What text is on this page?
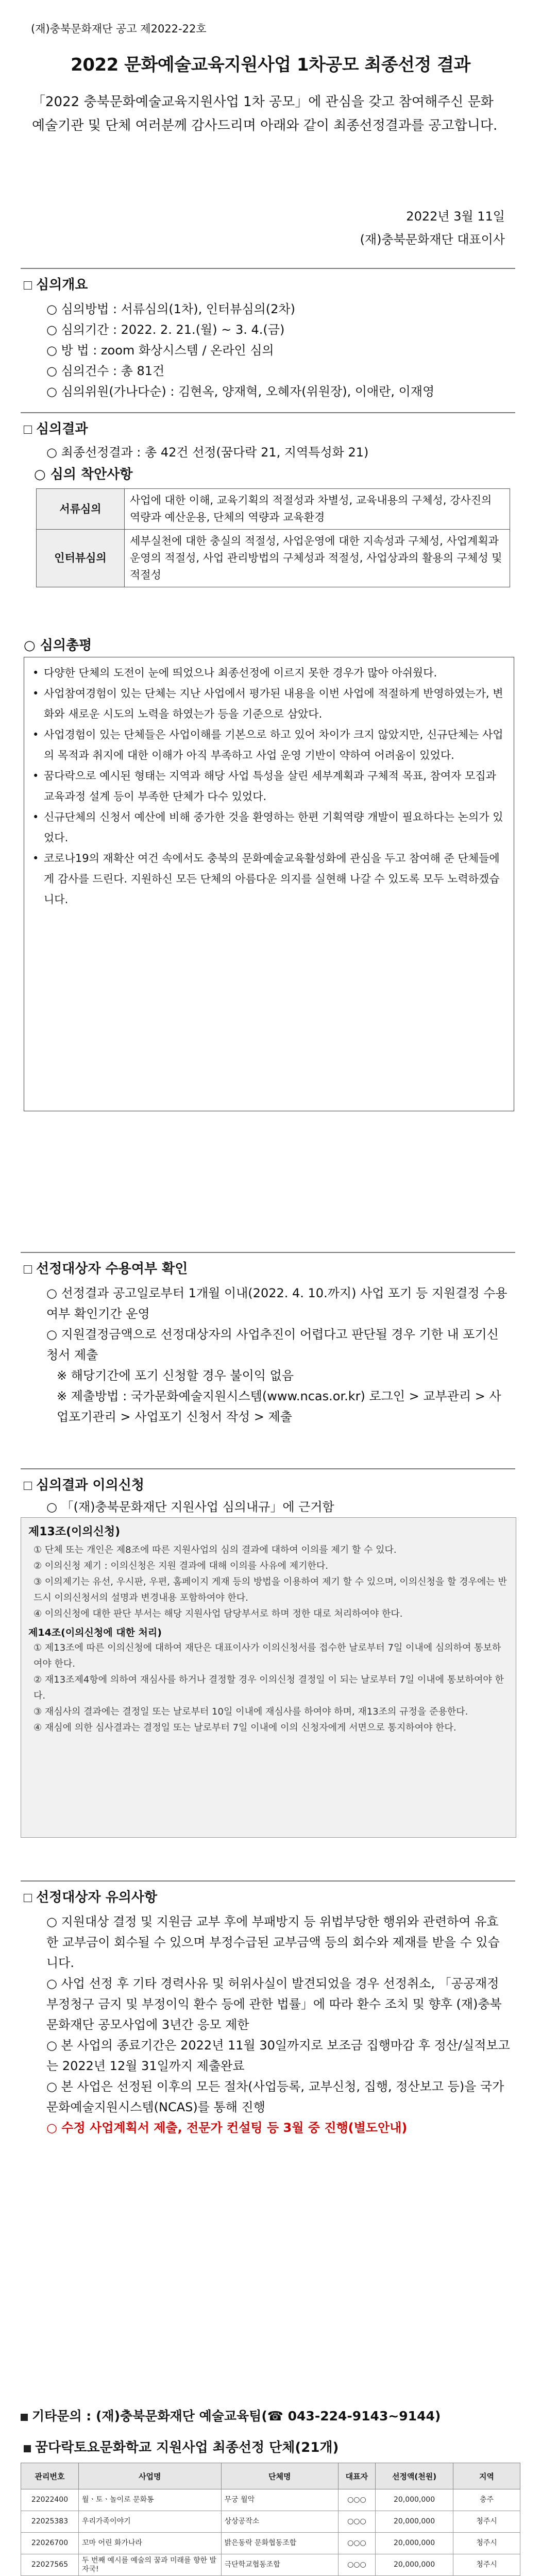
(재)충북문화재단 공고 제2022-22호
2022 문화예술교육지원사업 1차공모 최종선정 결과
「2022 충북문화예술교육지원사업 1차 공모」에 관심을 갖고 참여해주신 문화예술기관 및 단체 여러분께 감사드리며 아래와 같이 최종선정결과를 공고합니다.
2022년 3월 11일
(재)충북문화재단 대표이사
심의개요
○ 심의방법 : 서류심의(1차), 인터뷰심의(2차)
○ 심의기간 : 2022. 2. 21.(월) ~ 3. 4.(금)
○ 방 법 : zoom 화상시스템 / 온라인 심의
○ 심의건수 : 총 81건
○ 심의위원(가나다순) : 김현옥, 양재혁, 오혜자(위원장), 이애란, 이재영
심의결과
○ 최종선정결과 : 총 42건 선정(꿈다락 21, 지역특성화 21)
○ 심의 착안사항
서류심의	사업에 대한 이해, 교육기획의 적절성과 차별성, 교육내용의 구체성, 강사진의 역량과 예산운용, 단체의 역량과 교육환경
인터뷰심의	세부실천에 대한 충실의 적절성, 사업운영에 대한 지속성과 구체성, 사업계획과 운영의 적절성, 사업 관리방법의 구체성과 적절성, 사업상과의 활용의 구체성 및 적절성
○ 심의총평
• 다양한 단체의 도전이 눈에 띄었으나 최종선정에 이르지 못한 경우가 많아 아쉬웠다.
• 사업참여경험이 있는 단체는 지난 사업에서 평가된 내용을 이번 사업에 적절하게 반영하였는가, 변화와 새로운 시도의 노력을 하였는가 등을 기준으로 삼았다.
• 사업경험이 있는 단체들은 사업이해를 기본으로 하고 있어 차이가 크지 않았지만, 신규단체는 사업의 목적과 취지에 대한 이해가 아직 부족하고 사업 운영 기반이 약하여 어려움이 있었다.
• 꿈다락으로 예시된 형태는 지역과 해당 사업 특성을 살린 세부계획과 구체적 목표, 참여자 모집과 교육과정 설계 등이 부족한 단체가 다수 있었다.
• 신규단체의 신청서 예산에 비해 중가한 것을 환영하는 한편 기획역량 개발이 필요하다는 논의가 있었다.
• 코로나19의 재확산 여건 속에서도 충북의 문화예술교육활성화에 관심을 두고 참여해 준 단체들에게 감사를 드린다. 지원하신 모든 단체의 아름다운 의지를 실현해 나갈 수 있도록 모두 노력하겠습니다.
선정대상자 수용여부 확인
○ 선정결과 공고일로부터 1개월 이내(2022. 4. 10.까지) 사업 포기 등 지원결정 수용여부 확인기간 운영
○ 지원결정금액으로 선정대상자의 사업추진이 어렵다고 판단될 경우 기한 내 포기신청서 제출
※ 해당기간에 포기 신청할 경우 불이익 없음
※ 제출방법 : 국가문화예술지원시스템(www.ncas.or.kr) 로그인 > 교부관리 > 사업포기관리 > 사업포기 신청서 작성 > 제출
심의결과 이의신청
○ 「(재)충북문화재단 지원사업 심의내규」에 근거함
제13조(이의신청)
① 단체 또는 개인은 제8조에 따른 지원사업의 심의 결과에 대하여 이의를 제기 할 수 있다.
② 이의신청 제기 : 이의신청은 지원 결과에 대해 이의를 사유에 제기한다.
③ 이의제기는 유선, 우시판, 우편, 홈페이지 게재 등의 방법을 이용하여 제기 할 수 있으며, 이의신청을 할 경우에는 반드시 이의신청서의 설명과 변경내용 포함하여야 한다.
④ 이의신청에 대한 판단 부서는 해당 지원사업 담당부서로 하며 정한 대로 처리하여야 한다.
제14조(이의신청에 대한 처리)
① 제13조에 따른 이의신청에 대하여 재단은 대표이사가 이의신청서를 접수한 날로부터 7일 이내에 심의하여 통보하여야 한다.
② 재13조제4항에 의하여 재심사를 하거나 결정할 경우 이의신청 결정일 이 되는 날로부터 7일 이내에 통보하여야 한다.
③ 재심사의 결과에는 결정일 또는 날로부터 10일 이내에 재심사를 하여야 하며, 재13조의 규정을 준용한다.
④ 재심에 의한 심사결과는 결정일 또는 날로부터 7일 이내에 이의 신청자에게 서면으로 통지하여야 한다.
선정대상자 유의사항
○ 지원대상 결정 및 지원금 교부 후에 부패방지 등 위법부당한 행위와 관련하여 유효한 교부금이 회수될 수 있으며 부정수급된 교부금액 등의 회수와 제재를 받을 수 있습니다.
○ 사업 선정 후 기타 경력사유 및 허위사실이 발견되었을 경우 선정취소, 「공공재정 부정청구 금지 및 부정이익 환수 등에 관한 법률」에 따라 환수 조치 및 향후 (재)충북문화재단 공모사업에 3년간 응모 제한
○ 본 사업의 종료기간은 2022년 11월 30일까지로 보조금 집행마감 후 정산/실적보고는 2022년 12월 31일까지 제출완료
○ 본 사업은 선정된 이후의 모든 절차(사업등록, 교부신청, 집행, 정산보고 등)을 국가문화예술지원시스템(NCAS)를 통해 진행
○ 수정 사업계획서 제출, 전문가 컨설팅 등 3월 중 진행(별도안내)
기타문의 : (재)충북문화재단 예술교육팀(☎ 043-224-9143~9144)
꿈다락토요문화학교 지원사업 최종선정 단체(21개)
관리번호	사업명	단체명	대표자	선정액(천원)	지역
22022400	월ㆍ토ㆍ놀이로 문화통	무궁 월악	○○○	20,000,000	충주
22025383	우리가족이야기	상상공작소	○○○	20,000,000	청주시
22026700	꼬마 어린 화가나라	밝은동락 문화협동조합	○○○	20,000,000	청주시
22027565	두 번째 예시를 예술의 꿈과 미래를 향한 발자국!	극단학교협동조합	○○○	20,000,000	청주시
